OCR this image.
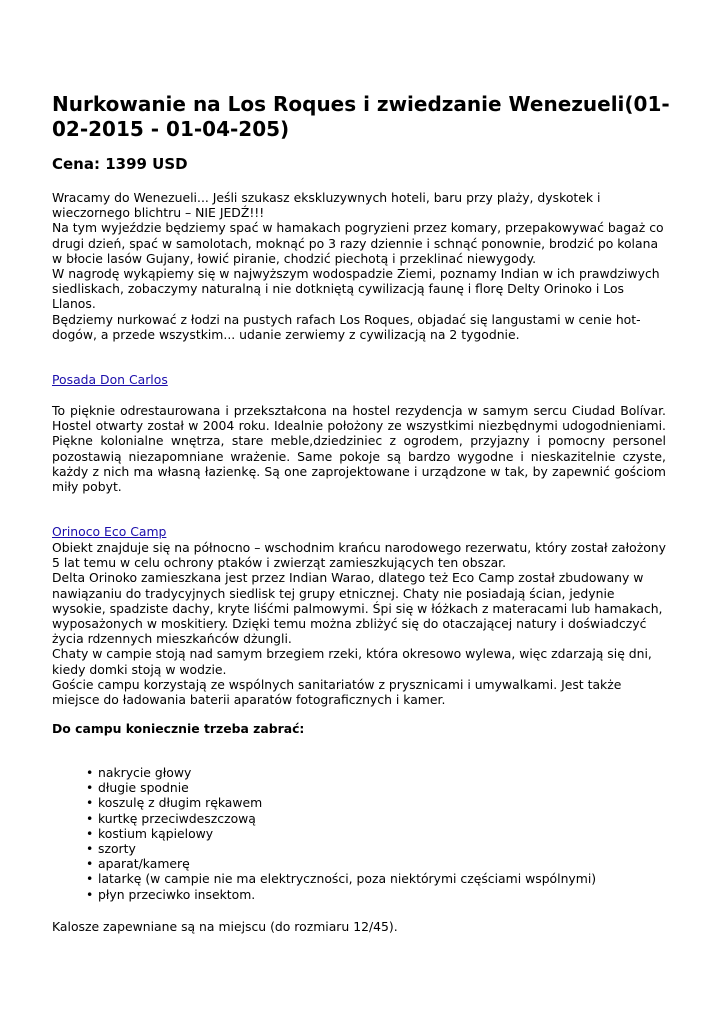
Nurkowanie na Los Roques i zwiedzanie Wenezueli(01-02-2015 - 01-04-205)
Cena: 1399 USD

Wracamy do Wenezueli... Jeśli szukasz ekskluzywnych hoteli, baru przy plaży, dyskotek i wieczornego blichtru – NIE JEDŹ!!!

Na tym wyjeździe będziemy spać w hamakach pogryzieni przez komary, przepakowywać bagaż co drugi dzień, spać w samolotach, moknąć po 3 razy dziennie i schnąć ponownie, brodzić po kolana w błocie lasów Gujany, łowić piranie, chodzić piechotą i przeklinać niewygody.

W nagrodę wykąpiemy się w najwyższym wodospadzie Ziemi, poznamy Indian w ich prawdziwych siedliskach, zobaczymy naturalną i nie dotkniętą cywilizacją faunę i florę Delty Orinoko i Los Llanos.

Będziemy nurkować z łodzi na pustych rafach Los Roques, objadać się langustami w cenie hot-dogów, a przede wszystkim... udanie zerwiemy z cywilizacją na 2 tygodnie.

Posada Don Carlos

To pięknie odrestaurowana i przekształcona na hostel rezydencja w samym sercu Ciudad Bolívar. Hostel otwarty został w 2004 roku. Idealnie położony ze wszystkimi niezbędnymi udogodnieniami. Piękne kolonialne wnętrza, stare meble,dziedziniec z ogrodem, przyjazny i pomocny personel pozostawią niezapomniane wrażenie. Same pokoje są bardzo wygodne i nieskazitelnie czyste, każdy z nich ma własną łazienkę. Są one zaprojektowane i urządzone w tak, by zapewnić gościom miły pobyt.

Orinoco Eco Camp

Obiekt znajduje się na północno – wschodnim krańcu narodowego rezerwatu, który został założony 5 lat temu w celu ochrony ptaków i zwierząt zamieszkujących ten obszar.

Delta Orinoko zamieszkana jest przez Indian Warao, dlatego też Eco Camp został zbudowany w nawiązaniu do tradycyjnych siedlisk tej grupy etnicznej. Chaty nie posiadają ścian, jedynie wysokie, spadziste dachy, kryte liśćmi palmowymi. Śpi się w łóżkach z materacami lub hamakach, wyposażonych w moskitiery. Dzięki temu można zbliżyć się do otaczającej natury i doświadczyć życia rdzennych mieszkańców dżungli.

Chaty w campie stoją nad samym brzegiem rzeki, która okresowo wylewa, więc zdarzają się dni, kiedy domki stoją w wodzie.

Goście campu korzystają ze wspólnych sanitariatów z prysznicami i umywalkami. Jest także miejsce do ładowania baterii aparatów fotograficznych i kamer.

Do campu koniecznie trzeba zabrać:
• nakrycie głowy
• długie spodnie
• koszulę z długim rękawem
• kurtkę przeciwdeszczową
• kostium kąpielowy
• szorty
• aparat/kamerę
• latarkę (w campie nie ma elektryczności, poza niektórymi częściami wspólnymi)
• płyn przeciwko insektom.
Kalosze zapewniane są na miejscu (do rozmiaru 12/45).
